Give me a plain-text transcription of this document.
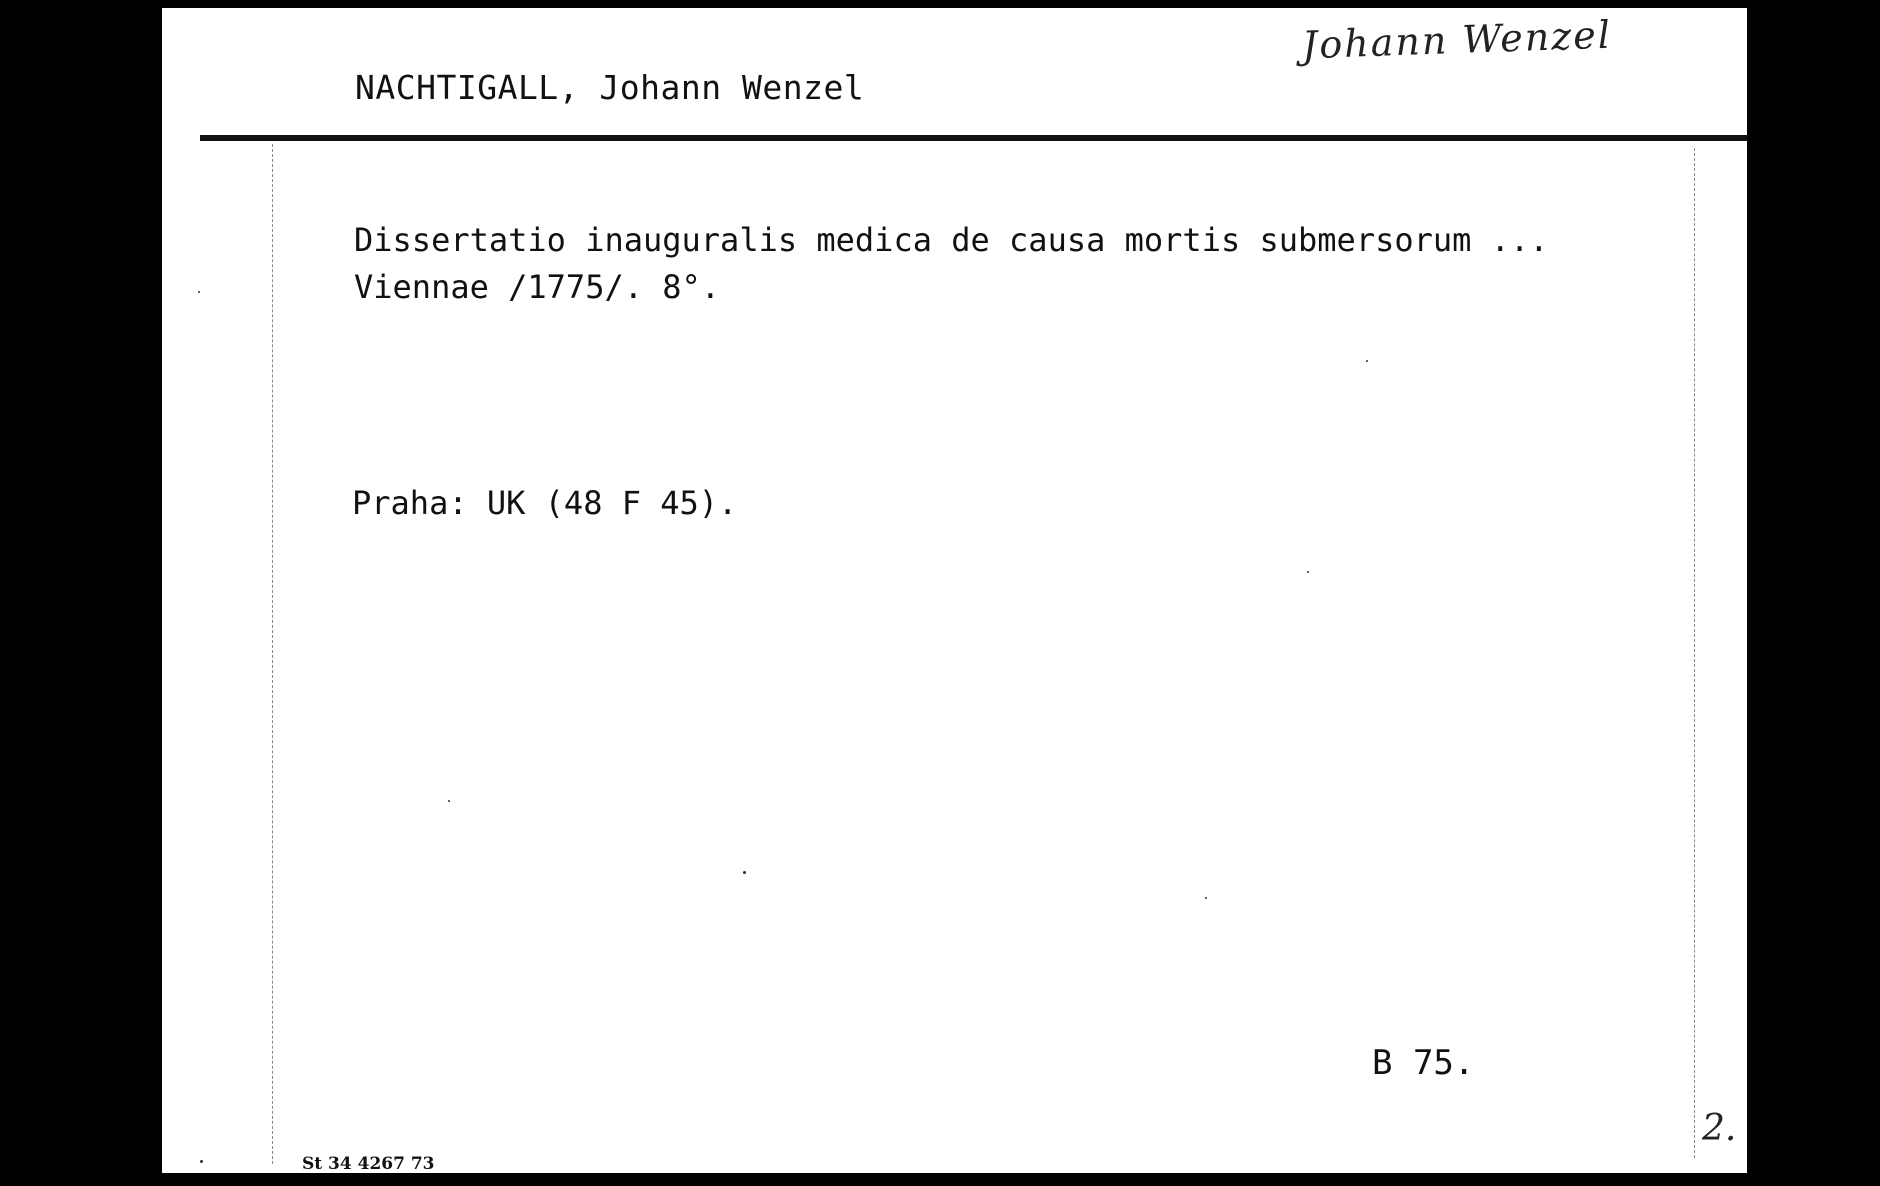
Johann Wenzel
NACHTIGALL, Johann Wenzel
Dissertatio inauguralis medica de causa mortis submersorum ...
Viennae /1775/. 8°.
Praha: UK (48 F 45).
B 75.
St 34 4267 73
2.
